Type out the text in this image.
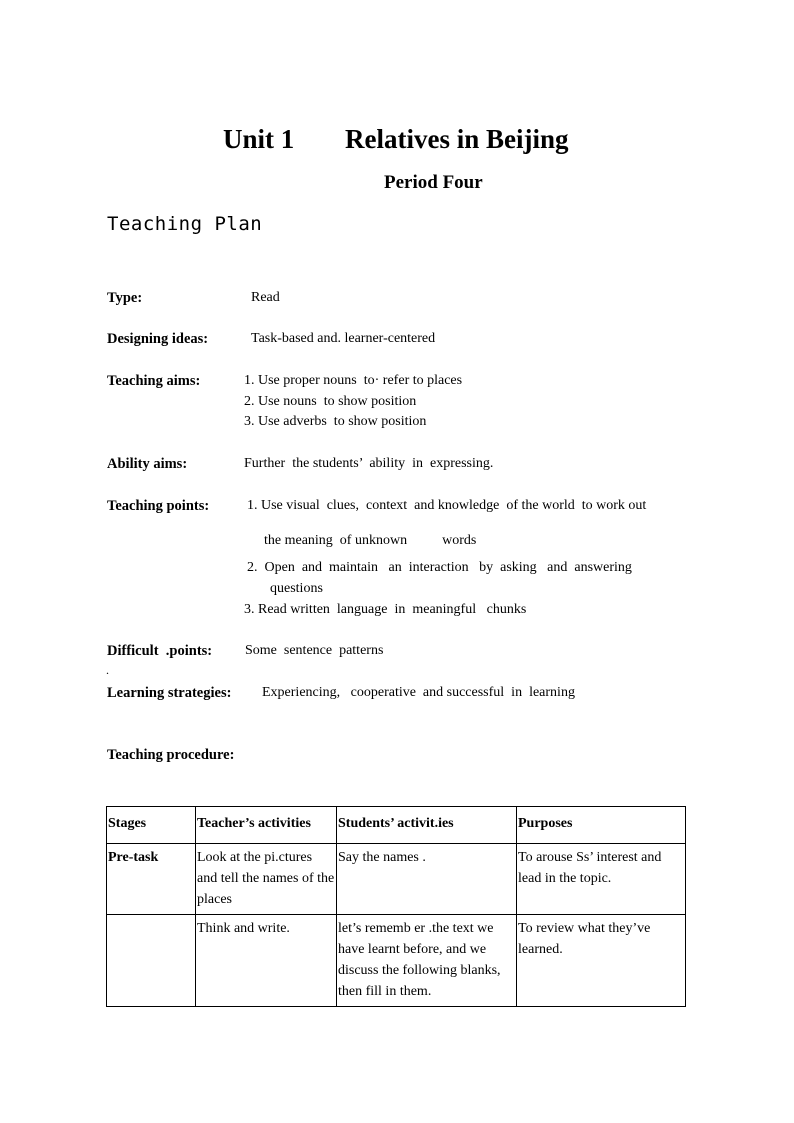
Unit 1 Relatives in Beijing
Period Four
Teaching Plan
Type:	Read
Designing ideas:	Task-based and. learner-centered
Teaching aims:	1. Use proper nouns  to· refer to places
2. Use nouns  to show position
3. Use adverbs  to show position
Ability aims:	Further  the students’  ability  in  expressing.
Teaching points:	1. Use visual  clues,  context  and knowledge  of the world  to work out
the meaning  of unknown          words
2.  Open  and  maintain   an  interaction   by  asking   and  answering
questions
3. Read written  language  in  meaningful   chunks
Difficult  .points: Some  sentence  patterns
.
Learning strategies: Experiencing,   cooperative  and successful  in  learning
Teaching procedure:
Stages	Teacher’s activities	Students’ activit.ies	Purposes
Pre-task	Look at the pi.ctures and tell the names of the places	Say the names .	To arouse Ss’ interest and lead in the topic.
	Think and write.	let’s rememb er .the text we have learnt before, and we discuss the following blanks, then fill in them.	To review what they’ve learned.
